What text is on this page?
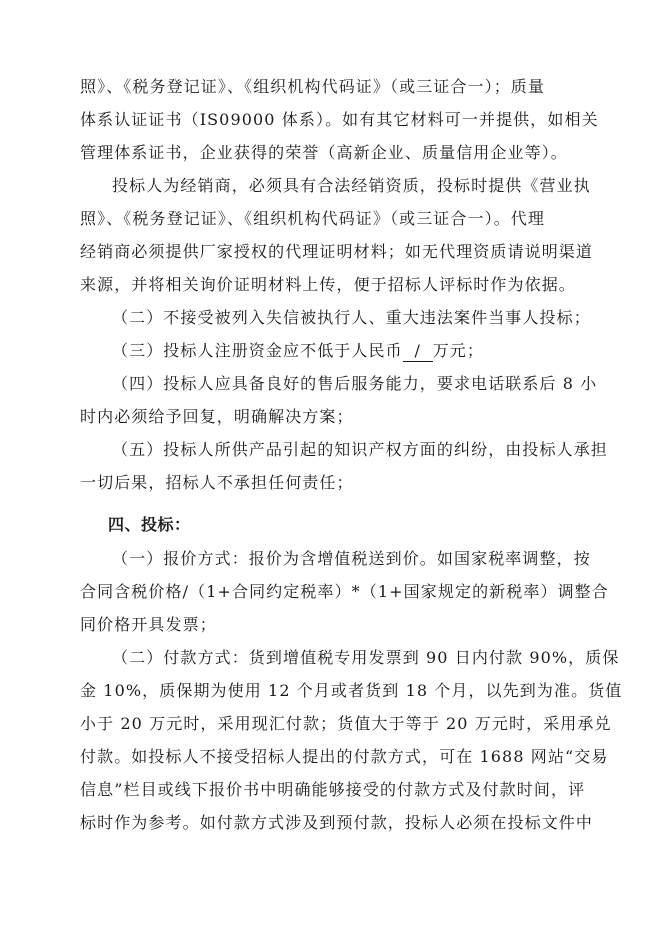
照》、《税务登记证》、《组织机构代码证》（或三证合一）；质量
体系认证证书（IS09000 体系）。如有其它材料可一并提供，如相关
管理体系证书，企业获得的荣誉（高新企业、质量信用企业等）。
投标人为经销商，必须具有合法经销资质，投标时提供《营业执
照》、《税务登记证》、《组织机构代码证》（或三证合一）。代理
经销商必须提供厂家授权的代理证明材料；如无代理资质请说明渠道
来源，并将相关询价证明材料上传，便于招标人评标时作为依据。
（二）不接受被列入失信被执行人、重大违法案件当事人投标；
（三）投标人注册资金应不低于人民币 / 万元；
（四）投标人应具备良好的售后服务能力，要求电话联系后 8 小
时内必须给予回复，明确解决方案；
（五）投标人所供产品引起的知识产权方面的纠纷，由投标人承担
一切后果，招标人不承担任何责任；
四、投标：
（一）报价方式：报价为含增值税送到价。如国家税率调整，按
合同含税价格/（1+合同约定税率）*（1+国家规定的新税率）调整合
同价格开具发票；
（二）付款方式：货到增值税专用发票到 90 日内付款 90%，质保
金 10%，质保期为使用 12 个月或者货到 18 个月，以先到为准。货值
小于 20 万元时，采用现汇付款；货值大于等于 20 万元时，采用承兑
付款。如投标人不接受招标人提出的付款方式，可在 1688 网站“交易
信息”栏目或线下报价书中明确能够接受的付款方式及付款时间，评
标时作为参考。如付款方式涉及到预付款，投标人必须在投标文件中
